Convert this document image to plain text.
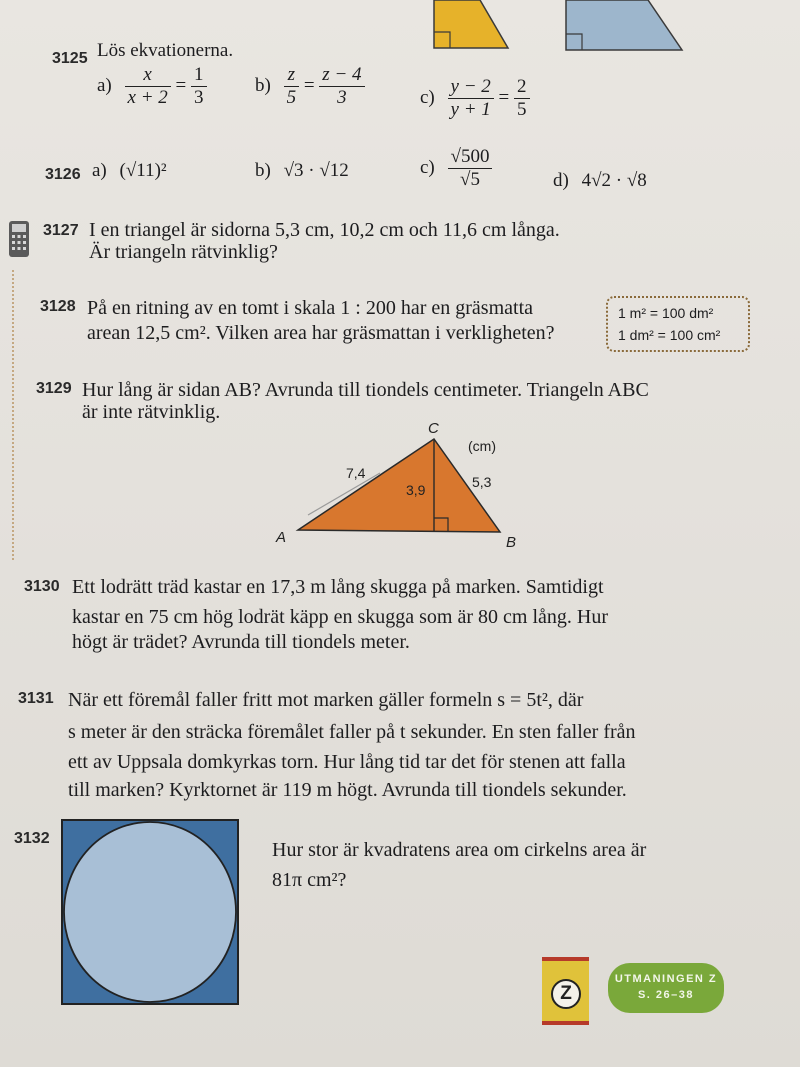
3125 Lös ekvationerna.
$a) \frac{x}{x + 2} = \frac{1}{3}$	$b) \frac{z}{5} = \frac{z - 4}{3}$	$c) \frac{y - 2}{y + 1} = \frac{2}{5}$
3126 a) (√11)²	b) √3 · √12	$c) \frac{√500}{√5}$	d) 4√2 · √8
3127 I en triangel är sidorna 5,3 cm, 10,2 cm och 11,6 cm långa.
Är triangeln rätvinklig?
3128 På en ritning av en tomt i skala 1 : 200 har en gräsmatta
arean 12,5 cm². Vilken area har gräsmattan i verkligheten?
1 m² = 100 dm²
1 dm² = 100 cm²
3129 Hur lång är sidan AB? Avrunda till tiondels centimeter. Triangeln ABC
är inte rätvinklig.
A	B
C
(cm)
7,4
5,3
3,9
3130 Ett lodrätt träd kastar en 17,3 m lång skugga på marken. Samtidigt
kastar en 75 cm hög lodrät käpp en skugga som är 80 cm lång. Hur
högt är trädet? Avrunda till tiondels meter.
3131 När ett föremål faller fritt mot marken gäller formeln s = 5t², där
s meter är den sträcka föremålet faller på t sekunder. En sten faller från
ett av Uppsala domkyrkas torn. Hur lång tid tar det för stenen att falla
till marken? Kyrktornet är 119 m högt. Avrunda till tiondels sekunder.
3132
Hur stor är kvadratens area om cirkelns area är
81π cm²?
Z
UTMANINGEN Z
S. 26–38
